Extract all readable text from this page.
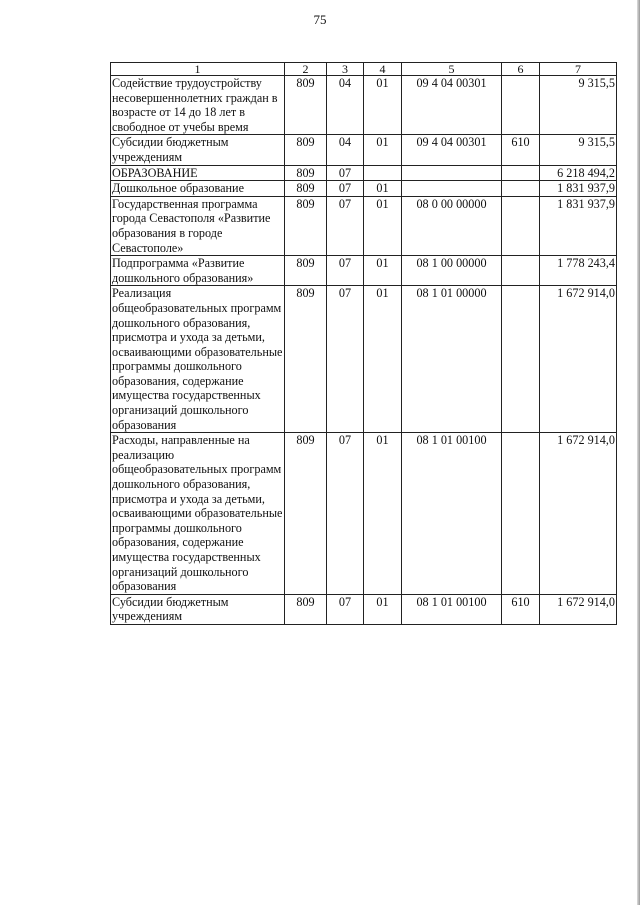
75
1	2	3	4	5	6	7
Содействие трудоустройству несовершеннолетних граждан в возрасте от 14 до 18 лет в свободное от учебы время	809	04	01	09 4 04 00301		9 315,5
Субсидии бюджетным учреждениям	809	04	01	09 4 04 00301	610	9 315,5
ОБРАЗОВАНИЕ	809	07				6 218 494,2
Дошкольное образование	809	07	01			1 831 937,9
Государственная программа города Севастополя «Развитие образования в городе Севастополе»	809	07	01	08 0 00 00000		1 831 937,9
Подпрограмма «Развитие дошкольного образования»	809	07	01	08 1 00 00000		1 778 243,4
Реализация общеобразовательных программ дошкольного образования, присмотра и ухода за детьми, осваивающими образовательные программы дошкольного образования, содержание имущества государственных организаций дошкольного образования	809	07	01	08 1 01 00000		1 672 914,0
Расходы, направленные на реализацию общеобразовательных программ дошкольного образования, присмотра и ухода за детьми, осваивающими образовательные программы дошкольного образования, содержание имущества государственных организаций дошкольного образования	809	07	01	08 1 01 00100		1 672 914,0
Субсидии бюджетным учреждениям	809	07	01	08 1 01 00100	610	1 672 914,0
